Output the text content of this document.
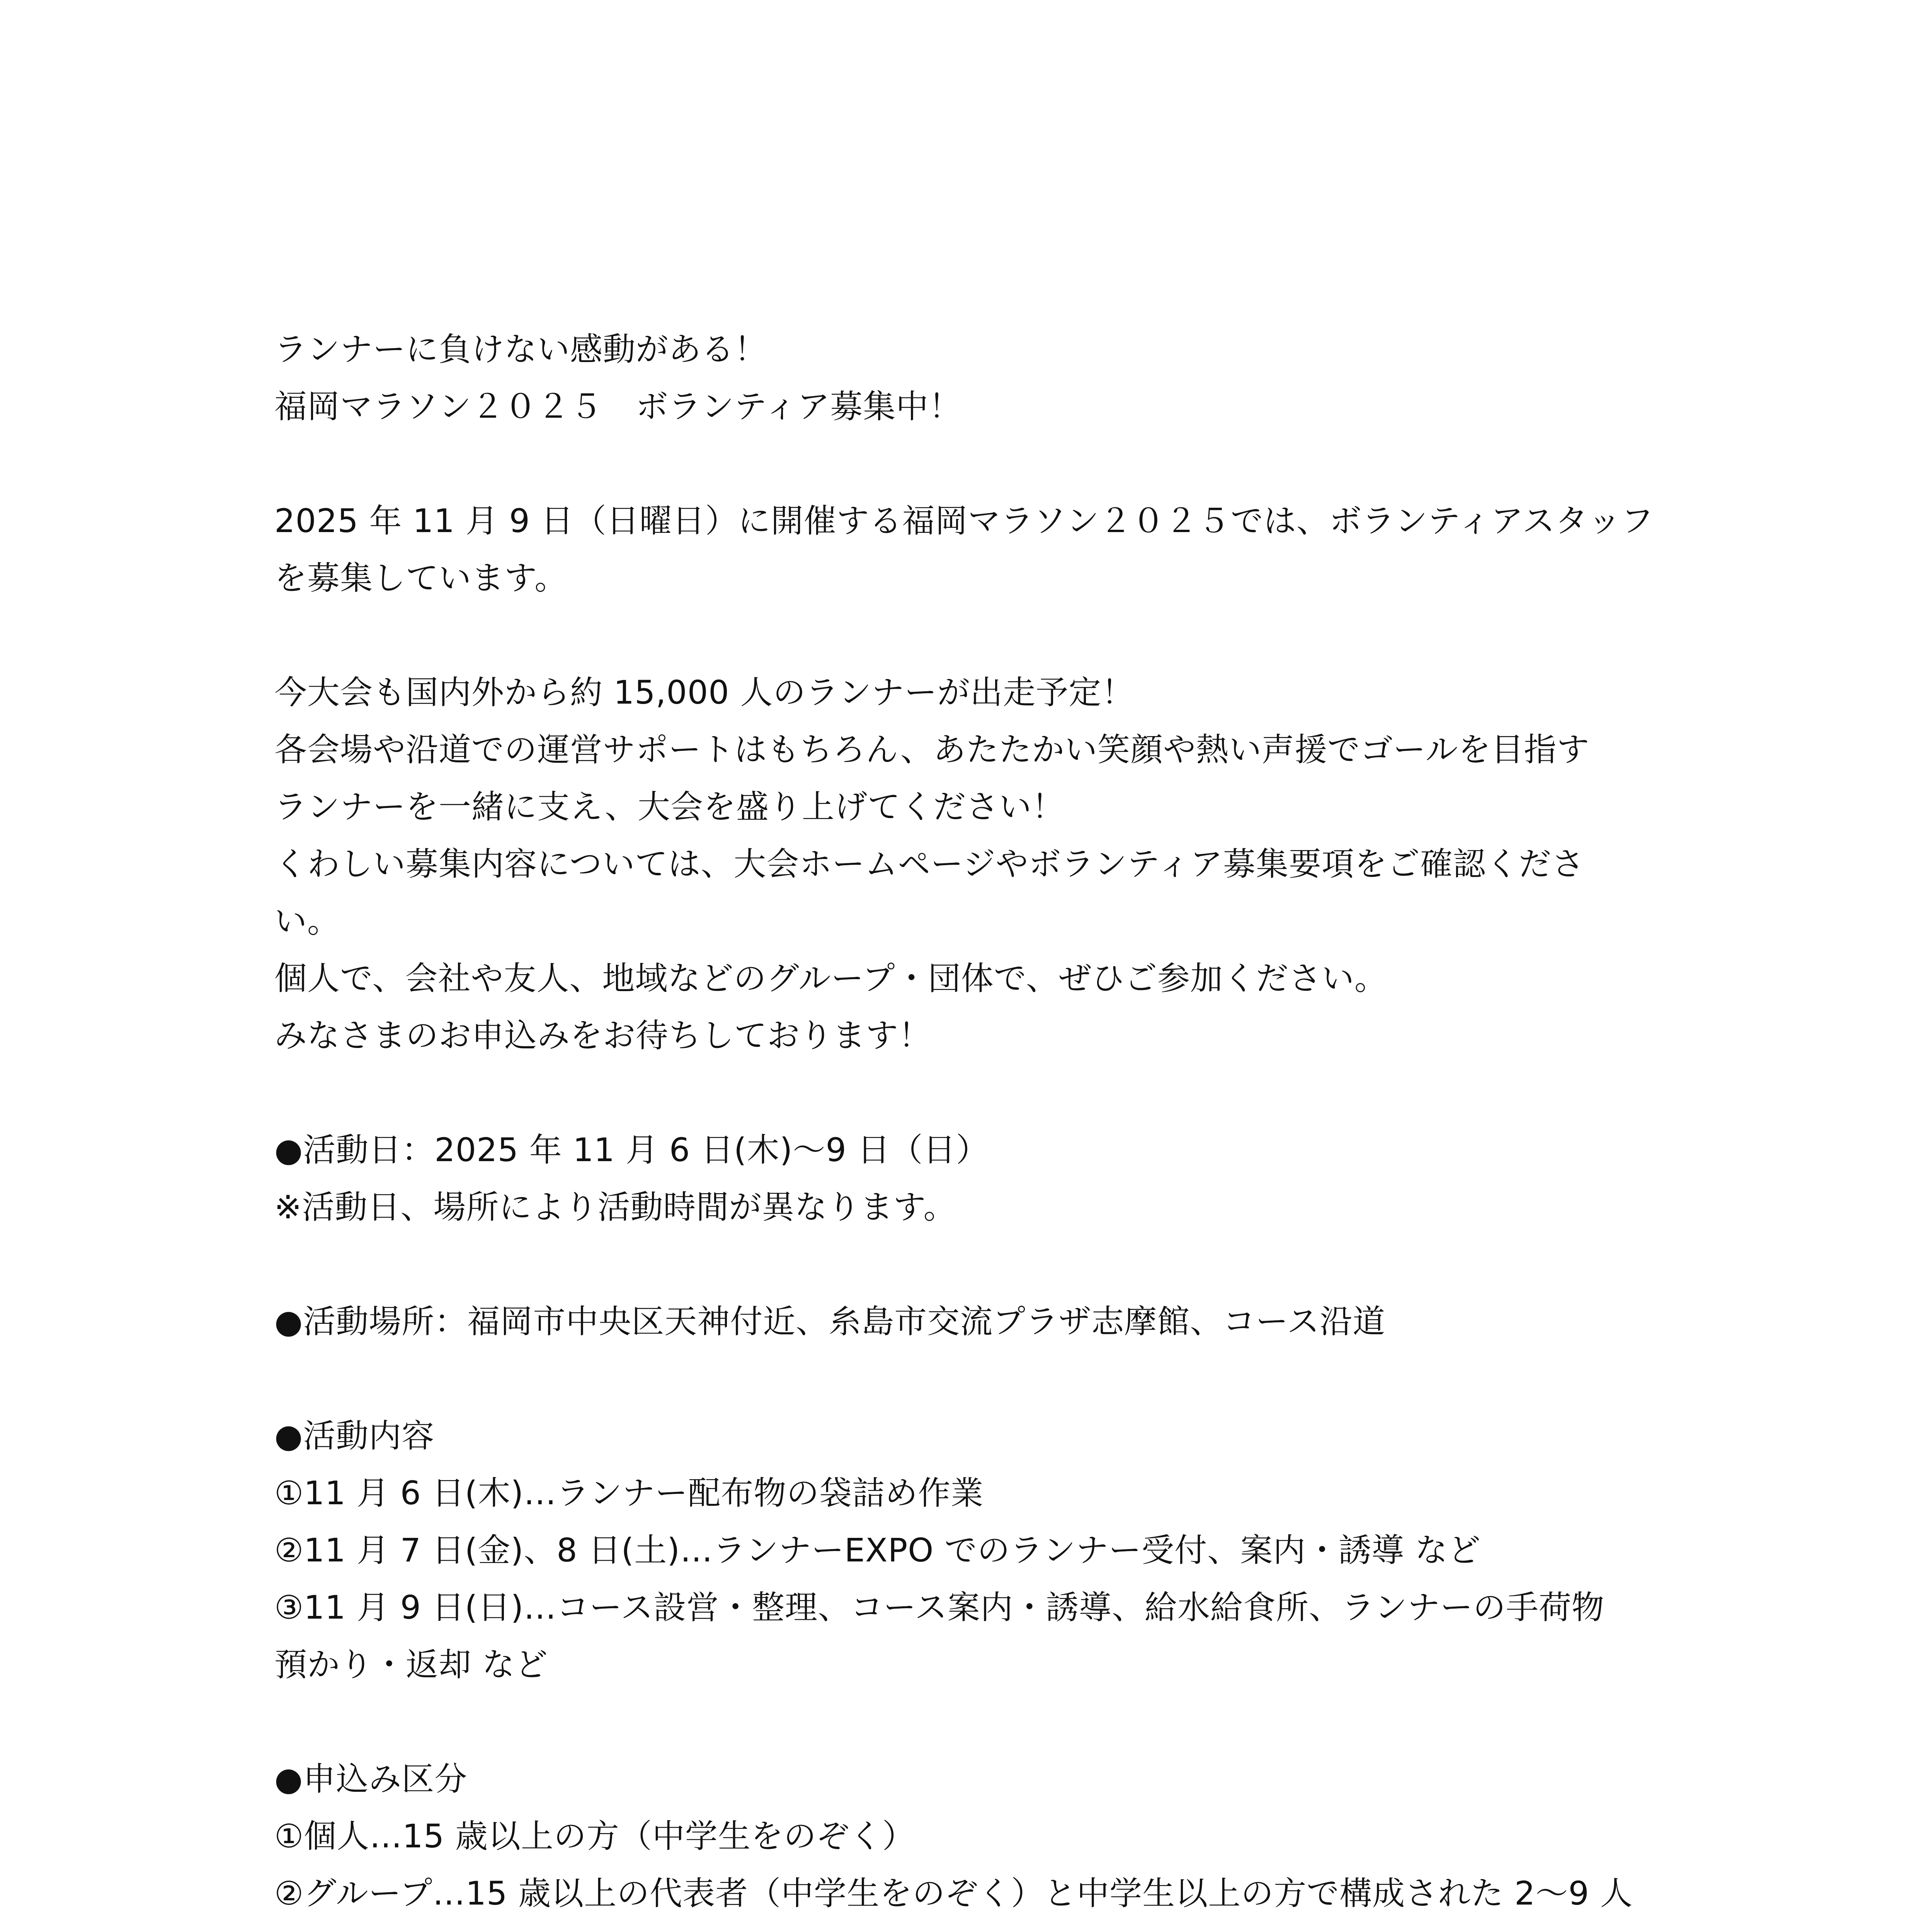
ランナーに負けない感動がある！
福岡マラソン２０２５　ボランティア募集中！
2025 年 11 月 9 日（日曜日）に開催する福岡マラソン２０２５では、ボランティアスタッフ
を募集しています。
今大会も国内外から約 15,000 人のランナーが出走予定！
各会場や沿道での運営サポートはもちろん、あたたかい笑顔や熱い声援でゴールを目指す
ランナーを一緒に支え、大会を盛り上げてください！
くわしい募集内容については、大会ホームページやボランティア募集要項をご確認くださ
い。
個人で、会社や友人、地域などのグループ・団体で、ぜひご参加ください。
みなさまのお申込みをお待ちしております！
●活動日：2025 年 11 月 6 日(木)～9 日（日）
※活動日、場所により活動時間が異なります。
●活動場所：福岡市中央区天神付近、糸島市交流プラザ志摩館、コース沿道
●活動内容
①11 月 6 日(木)…ランナー配布物の袋詰め作業
②11 月 7 日(金)、8 日(土)…ランナーEXPO でのランナー受付、案内・誘導 など
③11 月 9 日(日)…コース設営・整理、コース案内・誘導、給水給食所、ランナーの手荷物
預かり・返却 など
●申込み区分
①個人…15 歳以上の方（中学生をのぞく）
②グループ…15 歳以上の代表者（中学生をのぞく）と中学生以上の方で構成された 2～9 人
